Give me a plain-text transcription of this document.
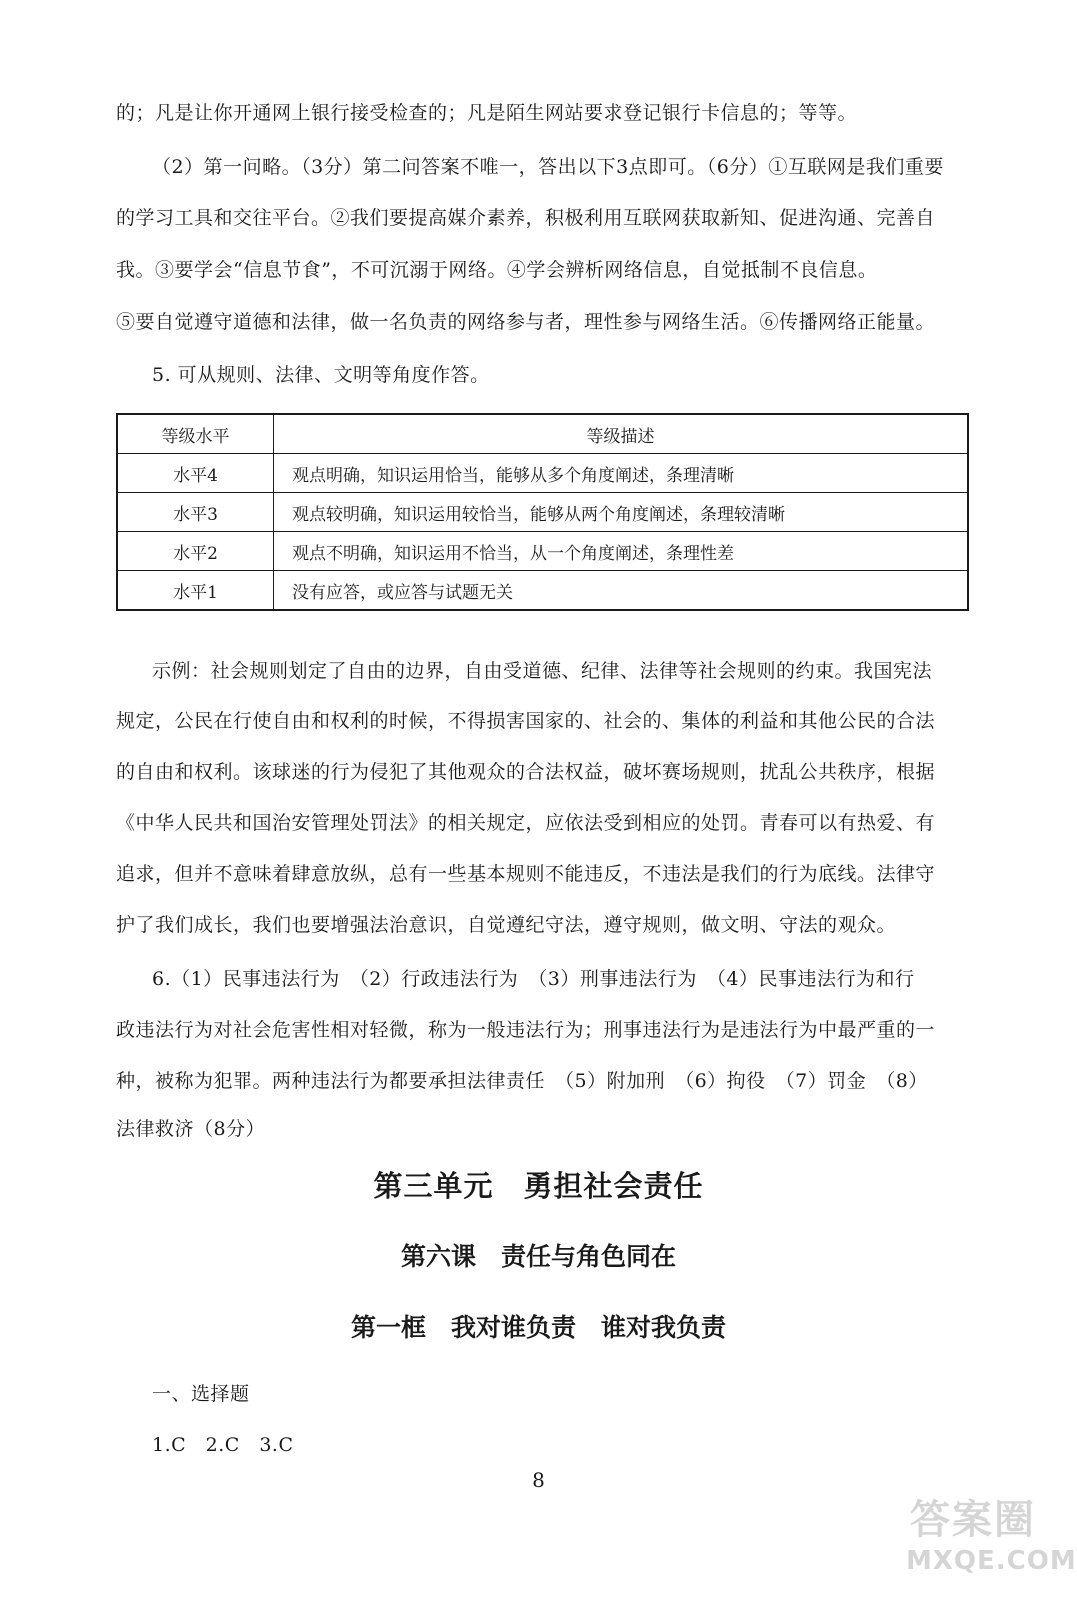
的；凡是让你开通网上银行接受检查的；凡是陌生网站要求登记银行卡信息的；等等。
（2）第一问略。（3分）第二问答案不唯一，答出以下3点即可。（6分）①互联网是我们重要
的学习工具和交往平台。②我们要提高媒介素养，积极利用互联网获取新知、促进沟通、完善自
我。③要学会“信息节食”，不可沉溺于网络。④学会辨析网络信息，自觉抵制不良信息。
⑤要自觉遵守道德和法律，做一名负责的网络参与者，理性参与网络生活。⑥传播网络正能量。
5. 可从规则、法律、文明等角度作答。
等级水平	等级描述
水平4	观点明确，知识运用恰当，能够从多个角度阐述，条理清晰
水平3	观点较明确，知识运用较恰当，能够从两个角度阐述，条理较清晰
水平2	观点不明确，知识运用不恰当，从一个角度阐述，条理性差
水平1	没有应答，或应答与试题无关
示例：社会规则划定了自由的边界，自由受道德、纪律、法律等社会规则的约束。我国宪法
规定，公民在行使自由和权利的时候，不得损害国家的、社会的、集体的利益和其他公民的合法
的自由和权利。该球迷的行为侵犯了其他观众的合法权益，破坏赛场规则，扰乱公共秩序，根据
《中华人民共和国治安管理处罚法》的相关规定，应依法受到相应的处罚。青春可以有热爱、有
追求，但并不意味着肆意放纵，总有一些基本规则不能违反，不违法是我们的行为底线。法律守
护了我们成长，我们也要增强法治意识，自觉遵纪守法，遵守规则，做文明、守法的观众。
6.（1）民事违法行为　（2）行政违法行为　（3）刑事违法行为　（4）民事违法行为和行
政违法行为对社会危害性相对轻微，称为一般违法行为；刑事违法行为是违法行为中最严重的一
种，被称为犯罪。两种违法行为都要承担法律责任　（5）附加刑　（6）拘役　（7）罚金　（8）
法律救济（8分）
第三单元　勇担社会责任
第六课　责任与角色同在
第一框　我对谁负责　谁对我负责
一、选择题
1.C　2.C　3.C
8
答案圈
MXQE.COM
